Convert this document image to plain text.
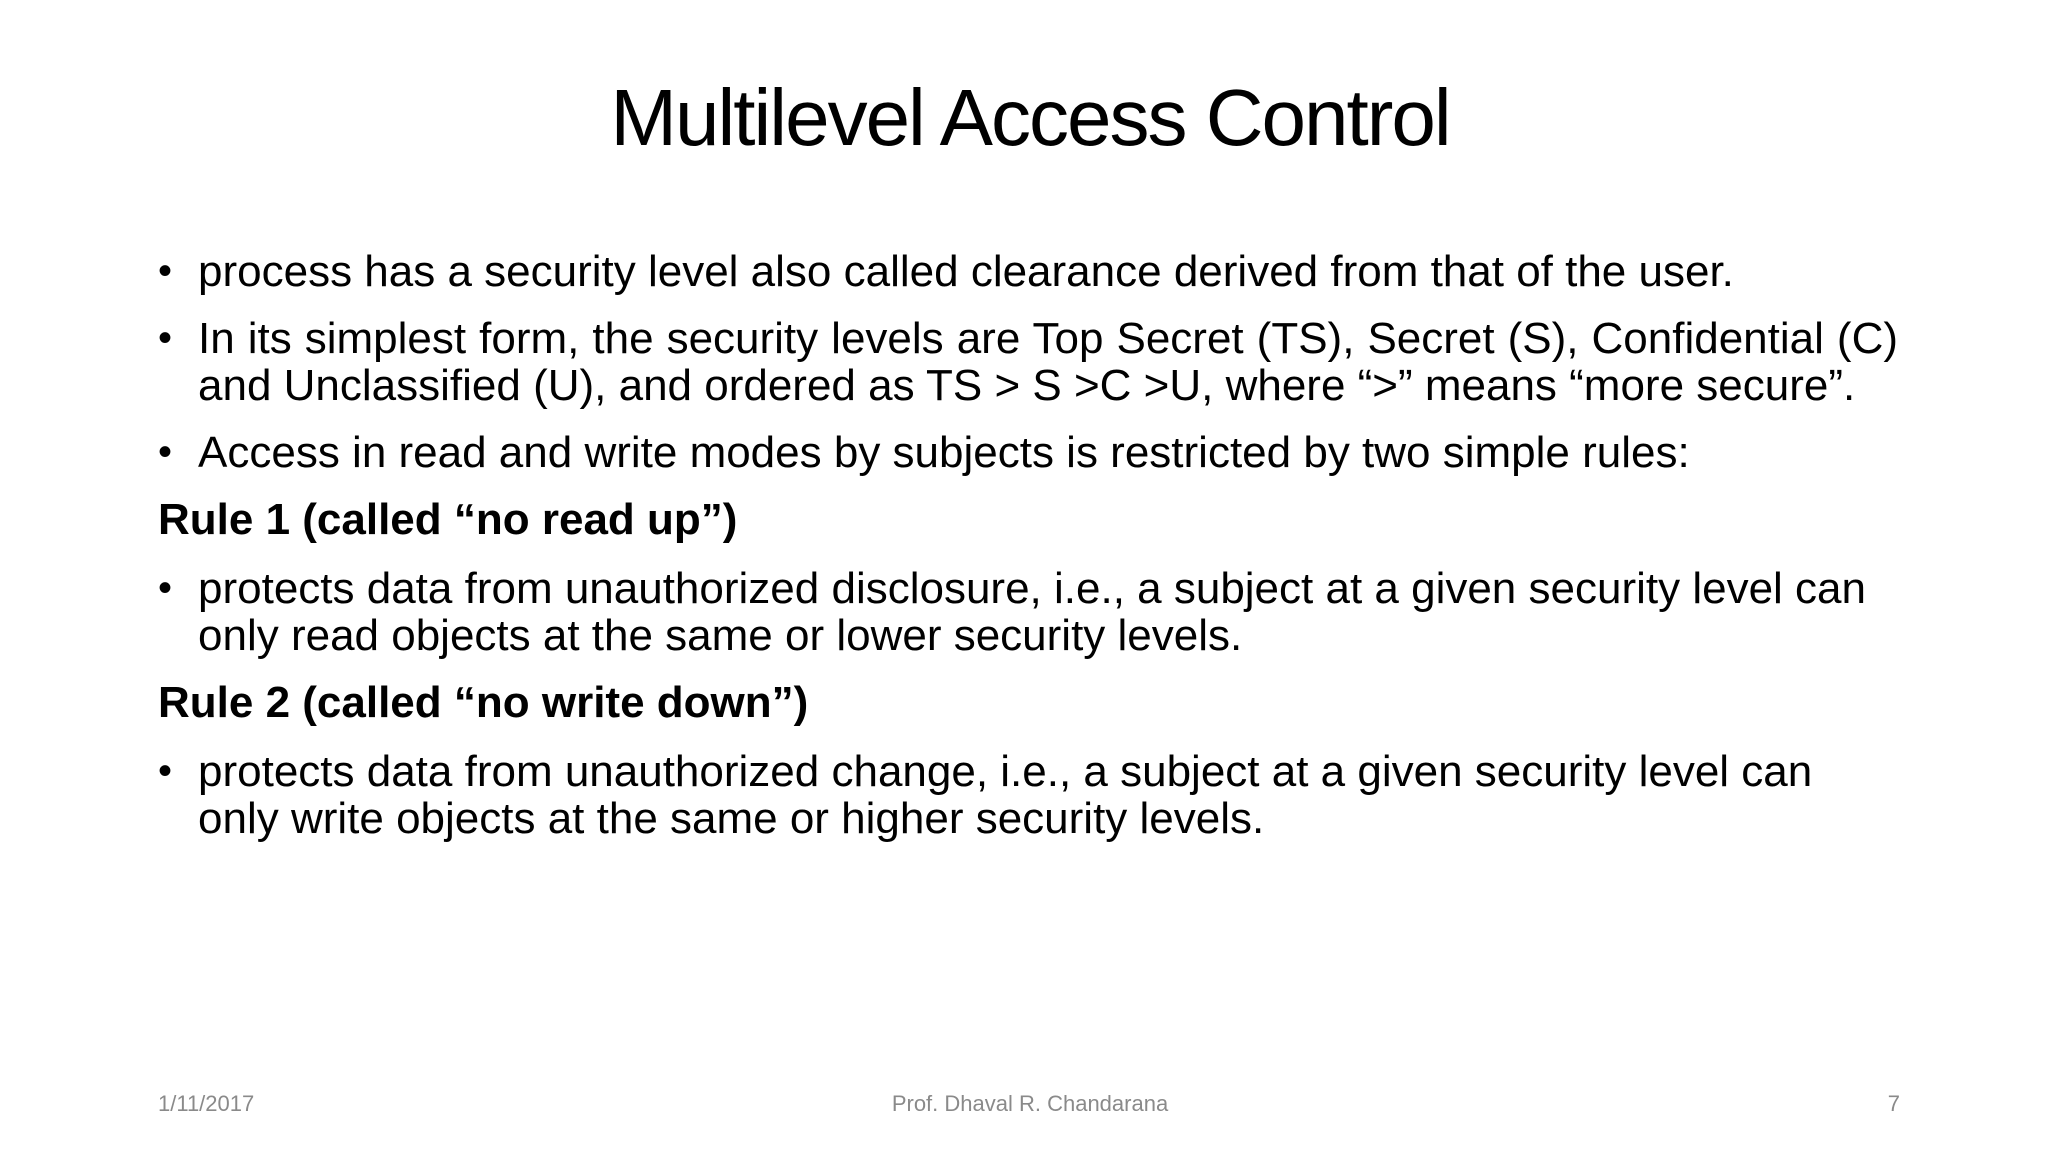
Multilevel Access Control
• process has a security level also called clearance derived from that of the user.
• In its simplest form, the security levels are Top Secret (TS), Secret (S), Confidential (C) and Unclassified (U), and ordered as TS > S >C >U, where “>” means “more secure”.
• Access in read and write modes by subjects is restricted by two simple rules:
Rule 1 (called “no read up”)
• protects data from unauthorized disclosure, i.e., a subject at a given security level can only read objects at the same or lower security levels.
Rule 2 (called “no write down”)
• protects data from unauthorized change, i.e., a subject at a given security level can only write objects at the same or higher security levels.
1/11/2017	Prof. Dhaval R. Chandarana	7
